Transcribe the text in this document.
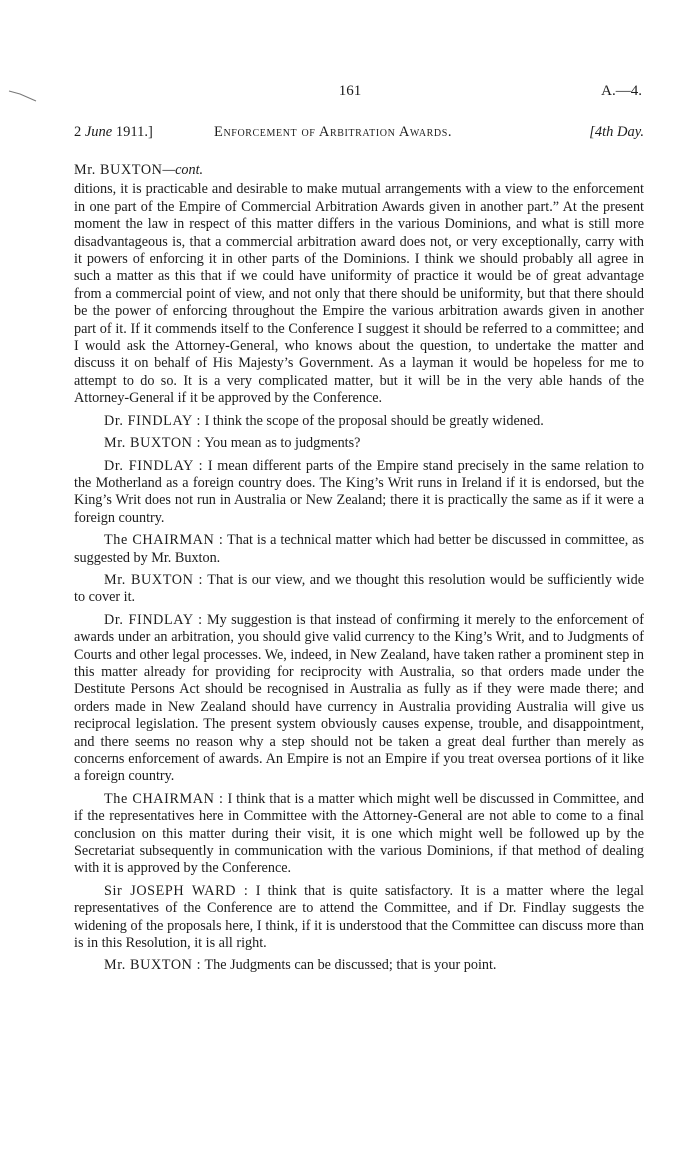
161	A.—4.
2 June 1911.]	Enforcement of Arbitration Awards.	[4th Day.

Mr. BUXTON—cont.

ditions, it is practicable and desirable to make mutual arrangements with a view to the enforcement in one part of the Empire of Commercial Arbitration Awards given in another part.” At the present moment the law in respect of this matter differs in the various Dominions, and what is still more disadvantageous is, that a commercial arbitration award does not, or very exceptionally, carry with it powers of enforcing it in other parts of the Dominions. I think we should probably all agree in such a matter as this that if we could have uniformity of practice it would be of great advantage from a commercial point of view, and not only that there should be uniformity, but that there should be the power of enforcing throughout the Empire the various arbitration awards given in another part of it. If it commends itself to the Conference I suggest it should be referred to a committee; and I would ask the Attorney-General, who knows about the question, to undertake the matter and discuss it on behalf of His Majesty’s Government. As a layman it would be hopeless for me to attempt to do so. It is a very complicated matter, but it will be in the very able hands of the Attorney-General if it be approved by the Conference.

Dr. FINDLAY : I think the scope of the proposal should be greatly widened.

Mr. BUXTON : You mean as to judgments?

Dr. FINDLAY : I mean different parts of the Empire stand precisely in the same relation to the Motherland as a foreign country does. The King’s Writ runs in Ireland if it is endorsed, but the King’s Writ does not run in Australia or New Zealand; there it is practically the same as if it were a foreign country.

The CHAIRMAN : That is a technical matter which had better be discussed in committee, as suggested by Mr. Buxton.

Mr. BUXTON : That is our view, and we thought this resolution would be sufficiently wide to cover it.

Dr. FINDLAY : My suggestion is that instead of confirming it merely to the enforcement of awards under an arbitration, you should give valid currency to the King’s Writ, and to Judgments of Courts and other legal processes. We, indeed, in New Zealand, have taken rather a prominent step in this matter already for providing for reciprocity with Australia, so that orders made under the Destitute Persons Act should be recognised in Australia as fully as if they were made there; and orders made in New Zealand should have currency in Australia providing Australia will give us reciprocal legislation. The present system obviously causes expense, trouble, and disappointment, and there seems no reason why a step should not be taken a great deal further than merely as concerns enforcement of awards. An Empire is not an Empire if you treat oversea portions of it like a foreign country.

The CHAIRMAN : I think that is a matter which might well be discussed in Committee, and if the representatives here in Committee with the Attorney-General are not able to come to a final conclusion on this matter during their visit, it is one which might well be followed up by the Secretariat subsequently in communication with the various Dominions, if that method of dealing with it is approved by the Conference.

Sir JOSEPH WARD : I think that is quite satisfactory. It is a matter where the legal representatives of the Conference are to attend the Committee, and if Dr. Findlay suggests the widening of the proposals here, I think, if it is understood that the Committee can discuss more than is in this Resolution, it is all right.

Mr. BUXTON : The Judgments can be discussed; that is your point.
